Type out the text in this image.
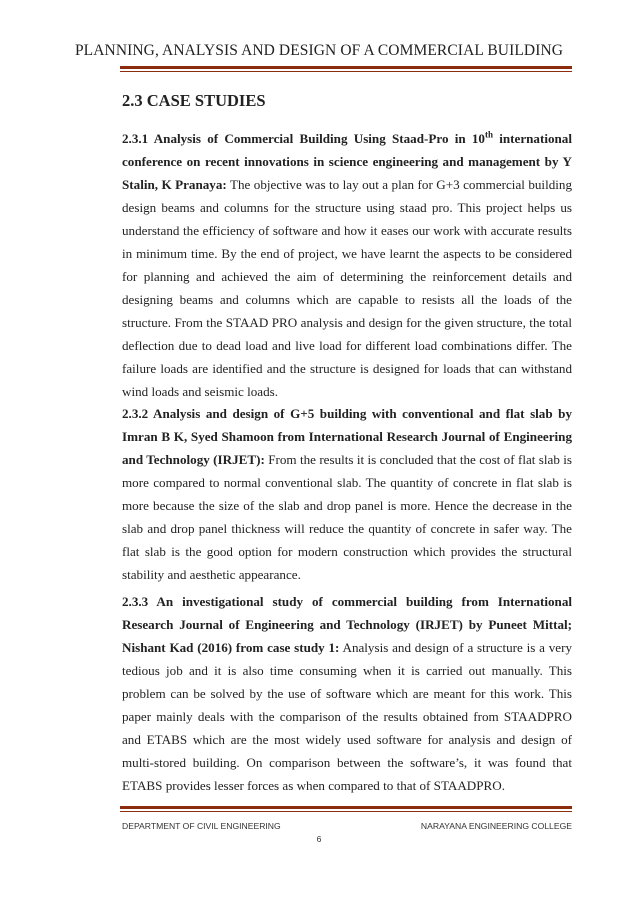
PLANNING, ANALYSIS AND DESIGN OF A COMMERCIAL BUILDING
2.3 CASE STUDIES

2.3.1 Analysis of Commercial Building Using Staad-Pro in 10th international conference on recent innovations in science engineering and management by Y Stalin, K Pranaya: The objective was to lay out a plan for G+3 commercial building design beams and columns for the structure using staad pro. This project helps us understand the efficiency of software and how it eases our work with accurate results in minimum time. By the end of project, we have learnt the aspects to be considered for planning and achieved the aim of determining the reinforcement details and designing beams and columns which are capable to resists all the loads of the structure. From the STAAD PRO analysis and design for the given structure, the total deflection due to dead load and live load for different load combinations differ. The failure loads are identified and the structure is designed for loads that can withstand wind loads and seismic loads.

2.3.2 Analysis and design of G+5 building with conventional and flat slab by Imran B K, Syed Shamoon from International Research Journal of Engineering and Technology (IRJET): From the results it is concluded that the cost of flat slab is more compared to normal conventional slab. The quantity of concrete in flat slab is more because the size of the slab and drop panel is more. Hence the decrease in the slab and drop panel thickness will reduce the quantity of concrete in safer way. The flat slab is the good option for modern construction which provides the structural stability and aesthetic appearance.

2.3.3 An investigational study of commercial building from International Research Journal of Engineering and Technology (IRJET) by Puneet Mittal; Nishant Kad (2016) from case study 1: Analysis and design of a structure is a very tedious job and it is also time consuming when it is carried out manually. This problem can be solved by the use of software which are meant for this work. This paper mainly deals with the comparison of the results obtained from STAADPRO and ETABS which are the most widely used software for analysis and design of multi-stored building. On comparison between the software’s, it was found that ETABS provides lesser forces as when compared to that of STAADPRO.

DEPARTMENT OF CIVIL ENGINEERING	NARAYANA ENGINEERING COLLEGE
6
